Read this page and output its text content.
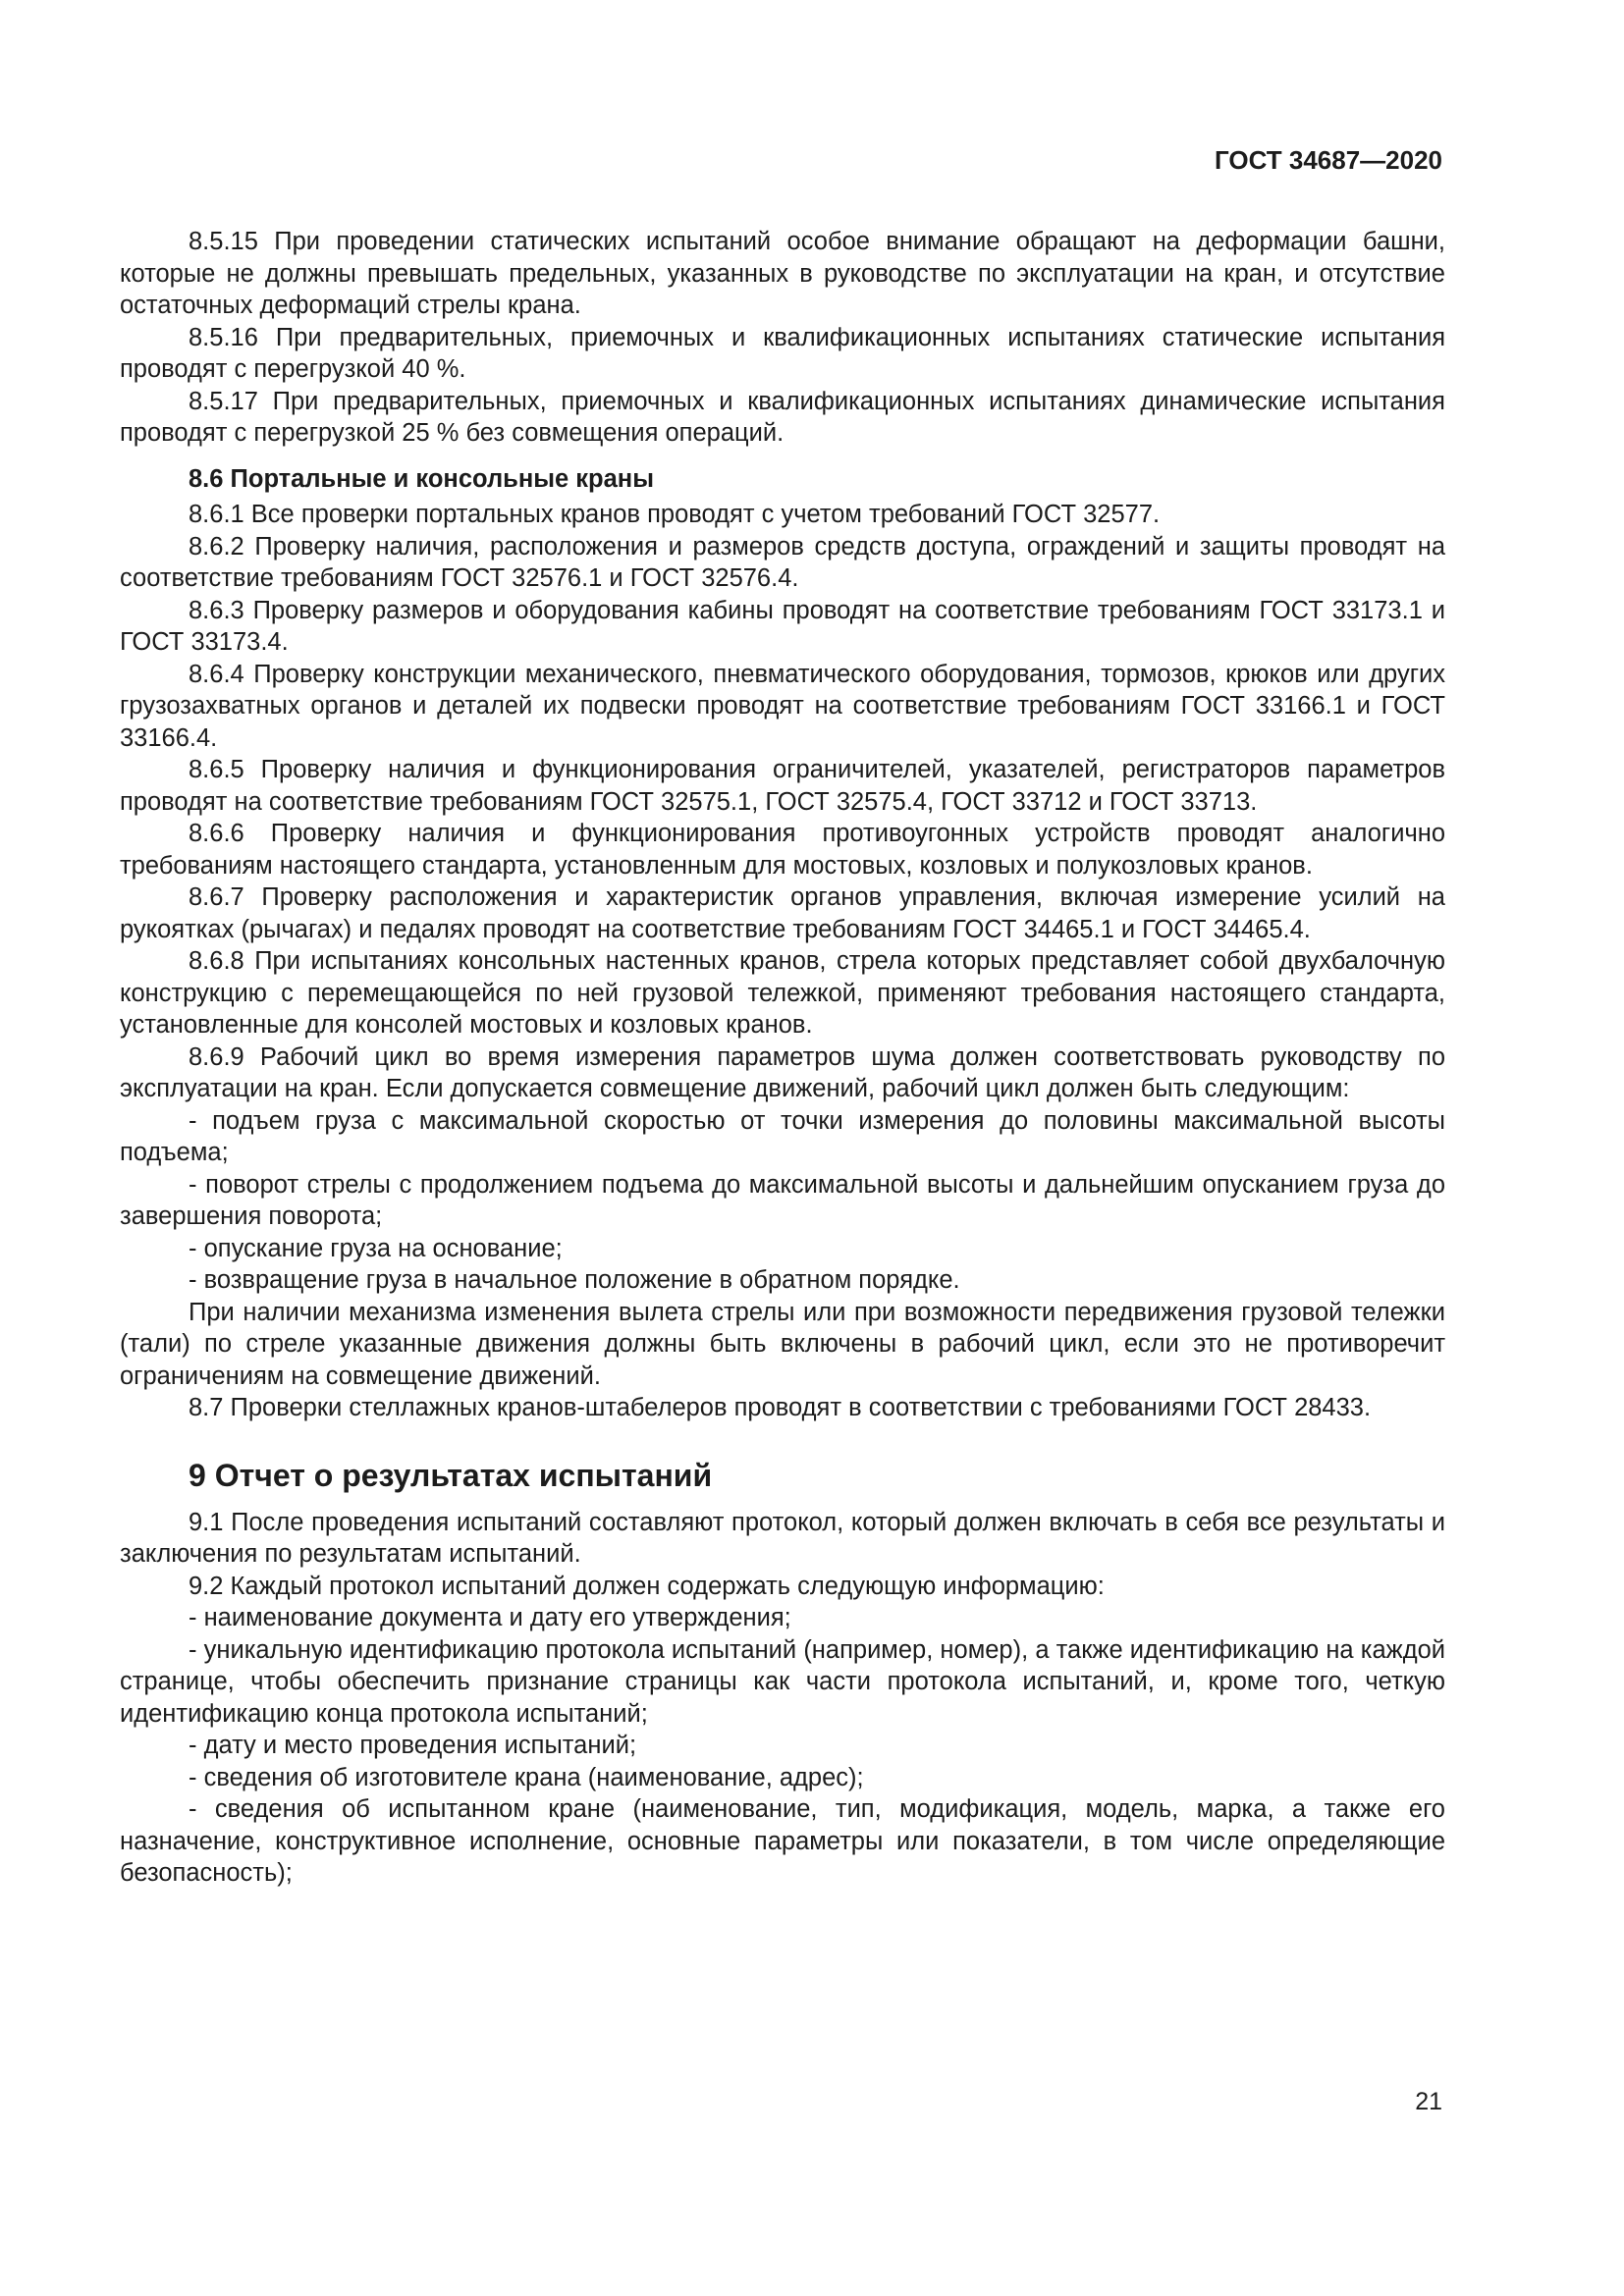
ГОСТ 34687—2020

8.5.15 При проведении статических испытаний особое внимание обращают на деформации башни, которые не должны превышать предельных, указанных в руководстве по эксплуатации на кран, и отсутствие остаточных деформаций стрелы крана.

8.5.16 При предварительных, приемочных и квалификационных испытаниях статические испытания проводят с перегрузкой 40 %.

8.5.17 При предварительных, приемочных и квалификационных испытаниях динамические испытания проводят с перегрузкой 25 % без совмещения операций.

8.6 Портальные и консольные краны

8.6.1 Все проверки портальных кранов проводят с учетом требований ГОСТ 32577.

8.6.2 Проверку наличия, расположения и размеров средств доступа, ограждений и защиты проводят на соответствие требованиям ГОСТ 32576.1 и ГОСТ 32576.4.

8.6.3 Проверку размеров и оборудования кабины проводят на соответствие требованиям ГОСТ 33173.1 и ГОСТ 33173.4.

8.6.4 Проверку конструкции механического, пневматического оборудования, тормозов, крюков или других грузозахватных органов и деталей их подвески проводят на соответствие требованиям ГОСТ 33166.1 и ГОСТ 33166.4.

8.6.5 Проверку наличия и функционирования ограничителей, указателей, регистраторов параметров проводят на соответствие требованиям ГОСТ 32575.1, ГОСТ 32575.4, ГОСТ 33712 и ГОСТ 33713.

8.6.6 Проверку наличия и функционирования противоугонных устройств проводят аналогично требованиям настоящего стандарта, установленным для мостовых, козловых и полукозловых кранов.

8.6.7 Проверку расположения и характеристик органов управления, включая измерение усилий на рукоятках (рычагах) и педалях проводят на соответствие требованиям ГОСТ 34465.1 и ГОСТ 34465.4.

8.6.8 При испытаниях консольных настенных кранов, стрела которых представляет собой двухбалочную конструкцию с перемещающейся по ней грузовой тележкой, применяют требования настоящего стандарта, установленные для консолей мостовых и козловых кранов.

8.6.9 Рабочий цикл во время измерения параметров шума должен соответствовать руководству по эксплуатации на кран. Если допускается совмещение движений, рабочий цикл должен быть следующим:

- подъем груза с максимальной скоростью от точки измерения до половины максимальной высоты подъема;

- поворот стрелы с продолжением подъема до максимальной высоты и дальнейшим опусканием груза до завершения поворота;

- опускание груза на основание;

- возвращение груза в начальное положение в обратном порядке.

При наличии механизма изменения вылета стрелы или при возможности передвижения грузовой тележки (тали) по стреле указанные движения должны быть включены в рабочий цикл, если это не противоречит ограничениям на совмещение движений.

8.7 Проверки стеллажных кранов-штабелеров проводят в соответствии с требованиями ГОСТ 28433.

9 Отчет о результатах испытаний

9.1 После проведения испытаний составляют протокол, который должен включать в себя все результаты и заключения по результатам испытаний.

9.2 Каждый протокол испытаний должен содержать следующую информацию:

- наименование документа и дату его утверждения;

- уникальную идентификацию протокола испытаний (например, номер), а также идентификацию на каждой странице, чтобы обеспечить признание страницы как части протокола испытаний, и, кроме того, четкую идентификацию конца протокола испытаний;

- дату и место проведения испытаний;

- сведения об изготовителе крана (наименование, адрес);

- сведения об испытанном кране (наименование, тип, модификация, модель, марка, а также его назначение, конструктивное исполнение, основные параметры или показатели, в том числе определяющие безопасность);

21
